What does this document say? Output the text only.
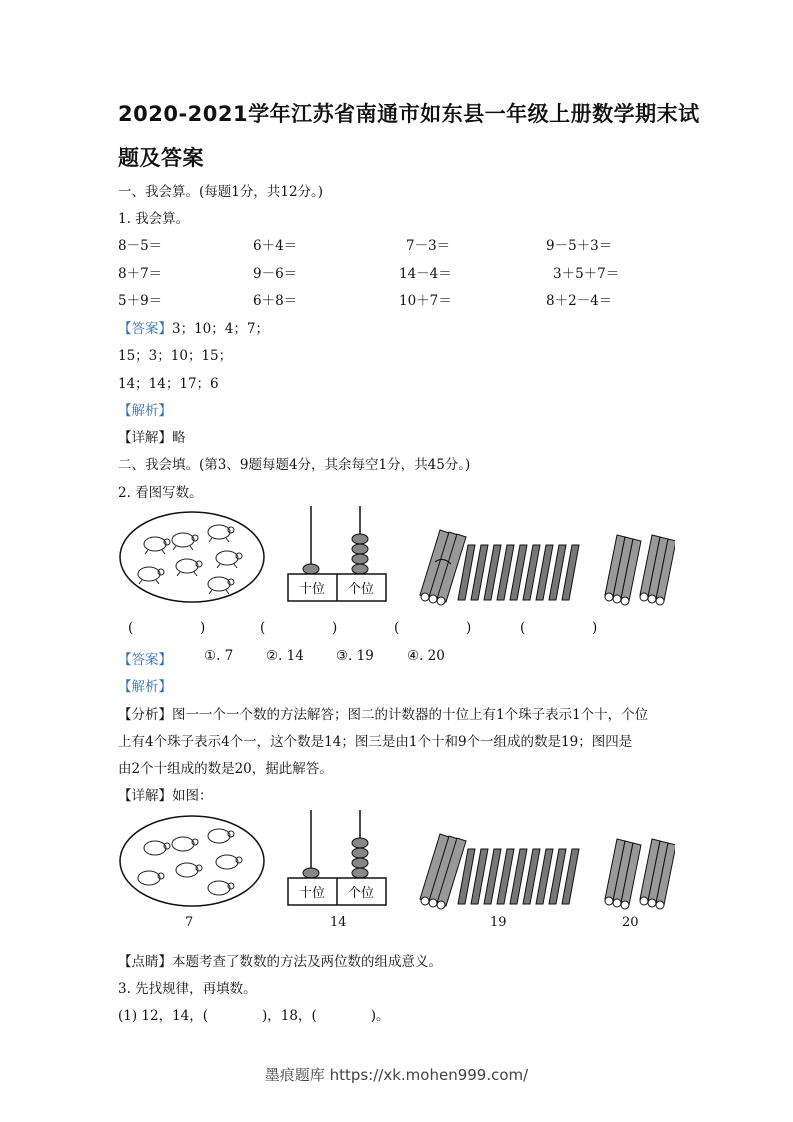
2020-2021学年江苏省南通市如东县一年级上册数学期末试
题及答案
一、我会算。(每题1分，共12分。)
1. 我会算。
8－5＝	6＋4＝	7－3＝	9－5＋3＝
8＋7＝	9－6＝	14－4＝	3＋5＋7＝
5＋9＝	6＋8＝	10＋7＝	8＋2－4＝
【答案】3；10；4；7；
15；3；10；15；
14；14；17；6
【解析】
【详解】略
二、我会填。(第3、9题每题4分，其余每空1分，共45分。)
2. 看图写数。
十位 个位
(	)	(	)	(	)	(	)
【答案】 ①. 7 ②. 14 ③. 19 ④. 20
【解析】
【分析】图一一个一个数的方法解答；图二的计数器的十位上有1个珠子表示1个十，个位
上有4个珠子表示4个一，这个数是14；图三是由1个十和9个一组成的数是19；图四是
由2个十组成的数是20，据此解答。
【详解】如图：
十位 个位
7	14	19	20
【点睛】本题考查了数数的方法及两位数的组成意义。
3. 先找规律，再填数。
(1) 12，14，(　　　　)，18，(　　　　)。
墨痕题库 https://xk.mohen999.com/
